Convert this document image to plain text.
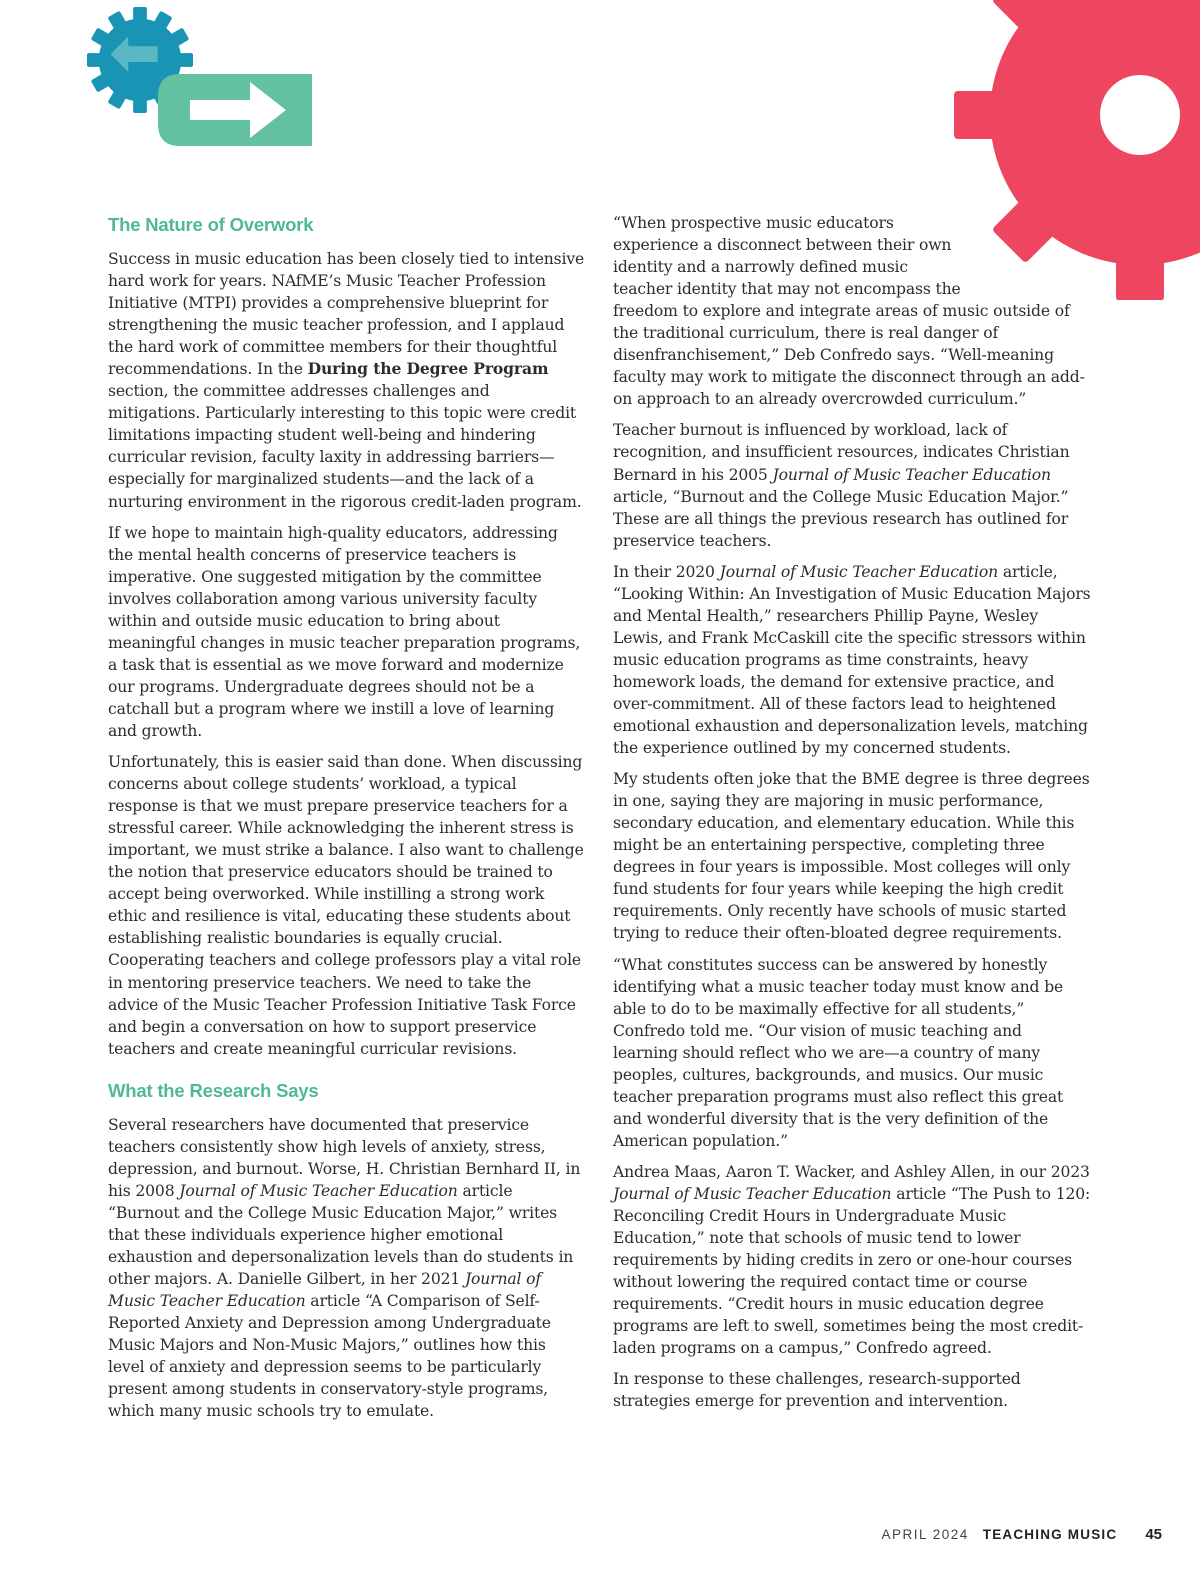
The Nature of Overwork

Success in music education has been closely tied to intensive hard work for years. NAfME’s Music Teacher Profession Initiative (MTPI) provides a comprehensive blueprint for strengthening the music teacher profession, and I applaud the hard work of committee members for their thoughtful recommendations. In the During the Degree Program section, the committee addresses challenges and mitigations. Particularly interesting to this topic were credit limitations impacting student well-being and hindering curricular revision, faculty laxity in addressing barriers—especially for marginalized students—and the lack of a nurturing environment in the rigorous credit-laden program.

If we hope to maintain high-quality educators, addressing the mental health concerns of preservice teachers is imperative. One suggested mitigation by the committee involves collaboration among various university faculty within and outside music education to bring about meaningful changes in music teacher preparation programs, a task that is essential as we move forward and modernize our programs. Undergraduate degrees should not be a catchall but a program where we instill a love of learning and growth.

Unfortunately, this is easier said than done. When discussing concerns about college students’ workload, a typical response is that we must prepare preservice teachers for a stressful career. While acknowledging the inherent stress is important, we must strike a balance. I also want to challenge the notion that preservice educators should be trained to accept being overworked. While instilling a strong work ethic and resilience is vital, educating these students about establishing realistic boundaries is equally crucial. Cooperating teachers and college professors play a vital role in mentoring preservice teachers. We need to take the advice of the Music Teacher Profession Initiative Task Force and begin a conversation on how to support preservice teachers and create meaningful curricular revisions.

What the Research Says

Several researchers have documented that preservice teachers consistently show high levels of anxiety, stress, depression, and burnout. Worse, H. Christian Bernhard II, in his 2008 Journal of Music Teacher Education article “Burnout and the College Music Education Major,” writes that these individuals experience higher emotional exhaustion and depersonalization levels than do students in other majors. A. Danielle Gilbert, in her 2021 Journal of Music Teacher Education article “A Comparison of Self-Reported Anxiety and Depression among Undergraduate Music Majors and Non-Music Majors,” outlines how this level of anxiety and depression seems to be particularly present among students in conservatory-style programs, which many music schools try to emulate.

“When prospective music educators experience a disconnect between their own identity and a narrowly defined music teacher identity that may not encompass the

freedom to explore and integrate areas of music outside of the traditional curriculum, there is real danger of disenfranchisement,” Deb Confredo says. “Well-meaning faculty may work to mitigate the disconnect through an add-on approach to an already overcrowded curriculum.”

Teacher burnout is influenced by workload, lack of recognition, and insufficient resources, indicates Christian Bernard in his 2005 Journal of Music Teacher Education article, “Burnout and the College Music Education Major.” These are all things the previous research has outlined for preservice teachers.

In their 2020 Journal of Music Teacher Education article, “Looking Within: An Investigation of Music Education Majors and Mental Health,” researchers Phillip Payne, Wesley Lewis, and Frank McCaskill cite the specific stressors within music education programs as time constraints, heavy homework loads, the demand for extensive practice, and over-commitment. All of these factors lead to heightened emotional exhaustion and depersonalization levels, matching the experience outlined by my concerned students.

My students often joke that the BME degree is three degrees in one, saying they are majoring in music performance, secondary education, and elementary education. While this might be an entertaining perspective, completing three degrees in four years is impossible. Most colleges will only fund students for four years while keeping the high credit requirements. Only recently have schools of music started trying to reduce their often-bloated degree requirements.

“What constitutes success can be answered by honestly identifying what a music teacher today must know and be able to do to be maximally effective for all students,” Confredo told me. “Our vision of music teaching and learning should reflect who we are—a country of many peoples, cultures, backgrounds, and musics. Our music teacher preparation programs must also reflect this great and wonderful diversity that is the very definition of the American population.”

Andrea Maas, Aaron T. Wacker, and Ashley Allen, in our 2023 Journal of Music Teacher Education article “The Push to 120: Reconciling Credit Hours in Undergraduate Music Education,” note that schools of music tend to lower requirements by hiding credits in zero or one-hour courses without lowering the required contact time or course requirements. “Credit hours in music education degree programs are left to swell, sometimes being the most credit-laden programs on a campus,” Confredo agreed.

In response to these challenges, research-supported strategies emerge for prevention and intervention.

APRIL 2024 TEACHING MUSIC 45
